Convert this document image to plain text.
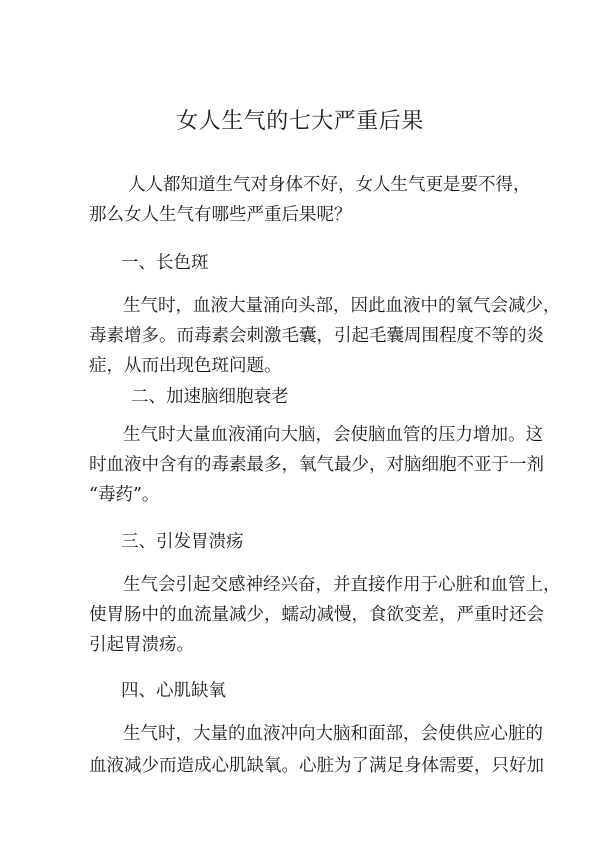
女人生气的七大严重后果
人人都知道生气对身体不好，女人生气更是要不得，
那么女人生气有哪些严重后果呢？
一、长色斑
生气时，血液大量涌向头部，因此血液中的氧气会减少，
毒素增多。而毒素会刺激毛囊，引起毛囊周围程度不等的炎
症，从而出现色斑问题。
二、加速脑细胞衰老
生气时大量血液涌向大脑，会使脑血管的压力增加。这
时血液中含有的毒素最多，氧气最少，对脑细胞不亚于一剂
“毒药”。
三、引发胃溃疡
生气会引起交感神经兴奋，并直接作用于心脏和血管上，
使胃肠中的血流量减少，蠕动减慢，食欲变差，严重时还会
引起胃溃疡。
四、心肌缺氧
生气时，大量的血液冲向大脑和面部，会使供应心脏的
血液减少而造成心肌缺氧。心脏为了满足身体需要，只好加
